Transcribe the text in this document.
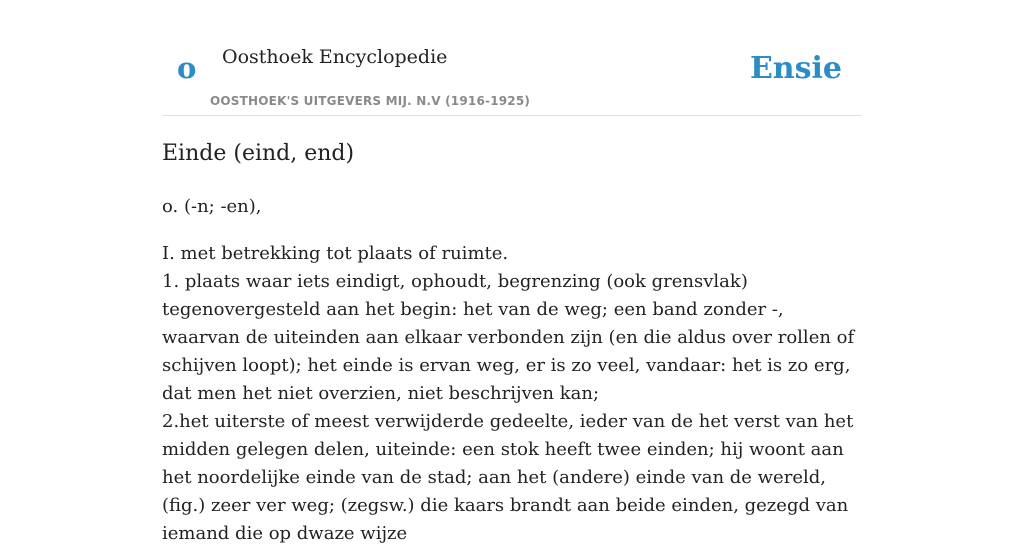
o Oosthoek Encyclopedie
OOSTHOEK'S UITGEVERS MIJ. N.V (1916-1925)
Ensie
Einde (eind, end)
o. (-n; -en),

I. met betrekking tot plaats of ruimte.

1. plaats waar iets eindigt, ophoudt, begrenzing (ook grensvlak) tegenovergesteld aan het begin: het van de weg; een band zonder -, waarvan de uiteinden aan elkaar verbonden zijn (en die aldus over rollen of schijven loopt); het einde is ervan weg, er is zo veel, vandaar: het is zo erg, dat men het niet overzien, niet beschrijven kan;

2.het uiterste of meest verwijderde gedeelte, ieder van de het verst van het midden gelegen delen, uiteinde: een stok heeft twee einden; hij woont aan het noordelijke einde van de stad; aan het (andere) einde van de wereld, (fig.) zeer ver weg; (zegsw.) die kaars brandt aan beide einden, gezegd van iemand die op dwaze wijze
